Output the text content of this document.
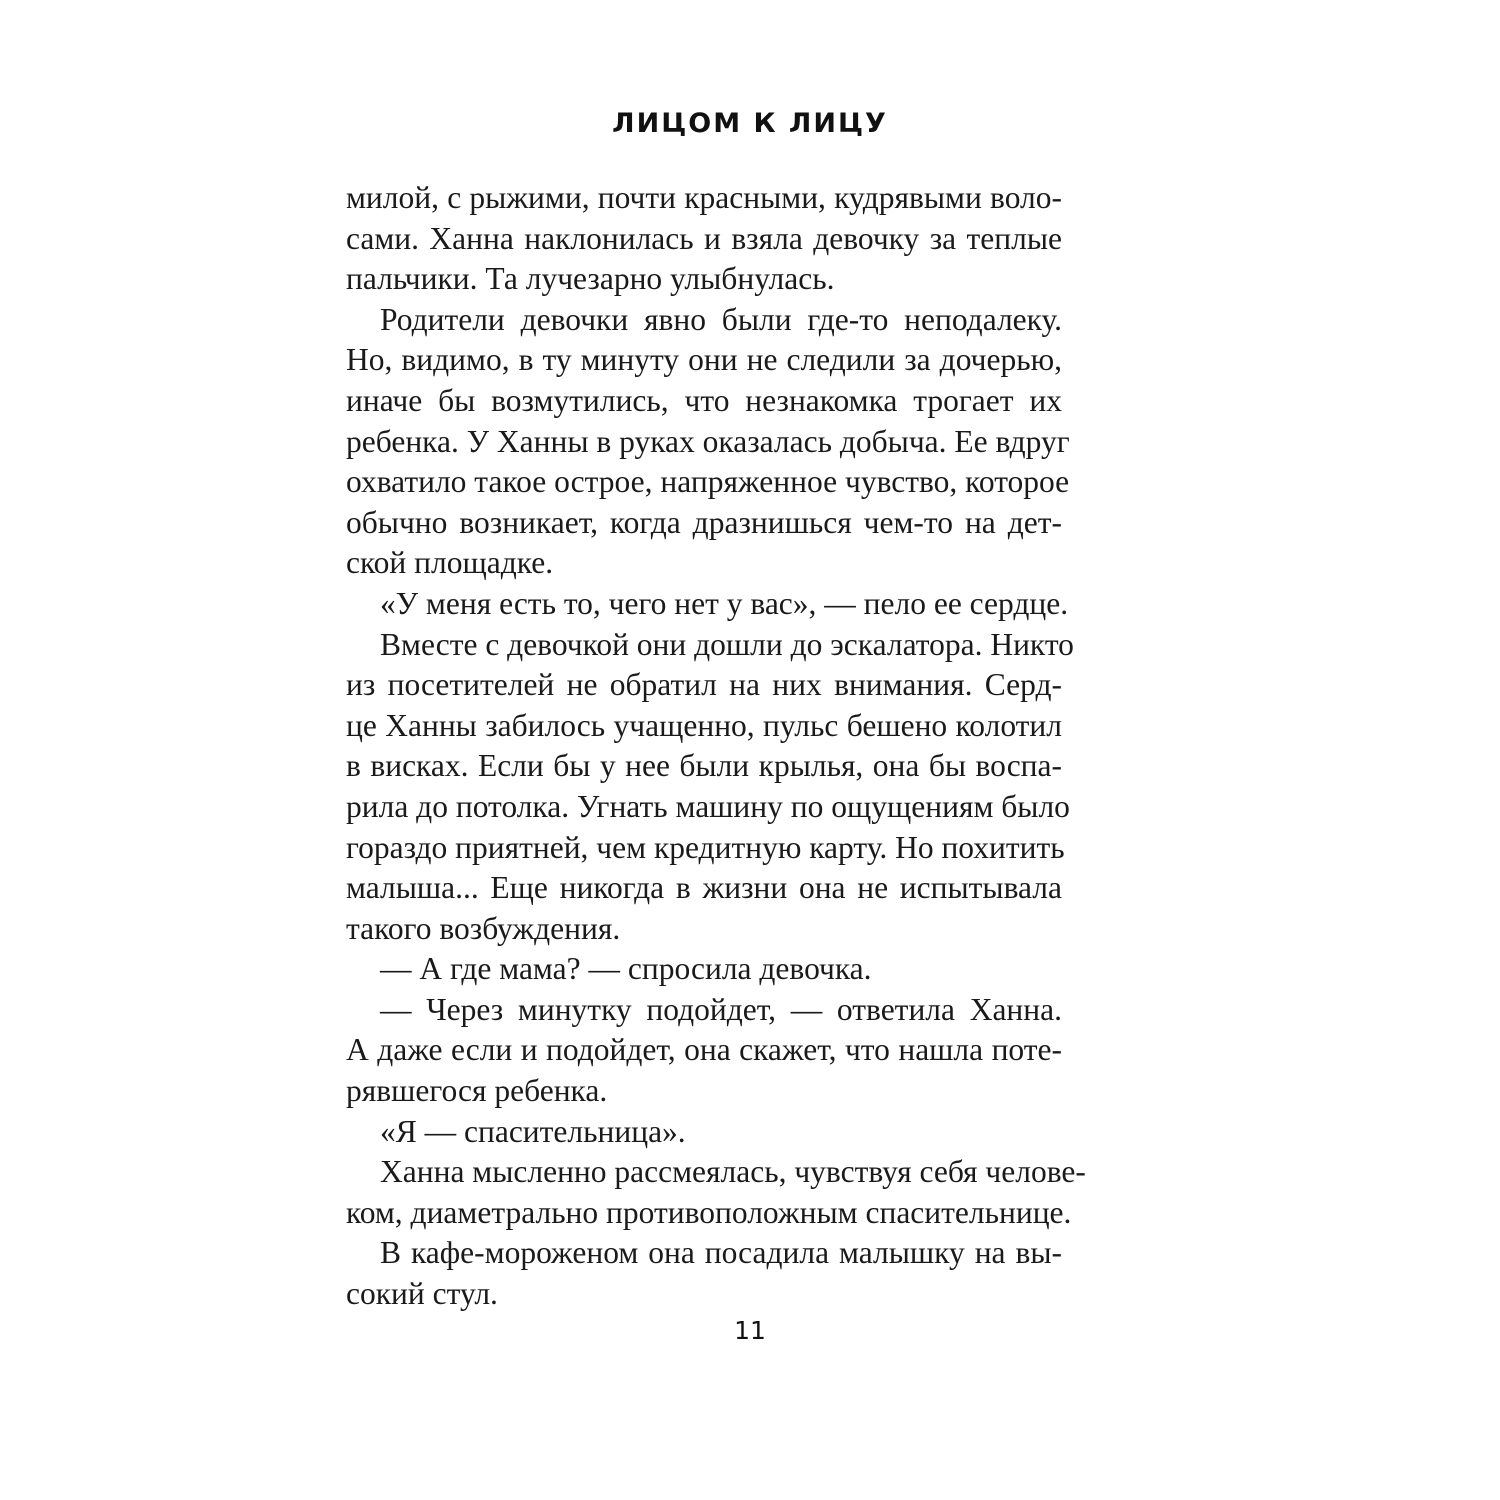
ЛИЦОМ К ЛИЦУ
милой, с рыжими, почти красными, кудрявыми воло-
сами. Ханна наклонилась и взяла девочку за теплые
пальчики. Та лучезарно улыбнулась.
Родители девочки явно были где-то неподалеку.
Но, видимо, в ту минуту они не следили за дочерью,
иначе бы возмутились, что незнакомка трогает их
ребенка. У Ханны в руках оказалась добыча. Ее вдруг
охватило такое острое, напряженное чувство, которое
обычно возникает, когда дразнишься чем-то на дет-
ской площадке.
«У меня есть то, чего нет у вас», — пело ее сердце.
Вместе с девочкой они дошли до эскалатора. Никто
из посетителей не обратил на них внимания. Серд-
це Ханны забилось учащенно, пульс бешено колотил
в висках. Если бы у нее были крылья, она бы воспа-
рила до потолка. Угнать машину по ощущениям было
гораздо приятней, чем кредитную карту. Но похитить
малыша... Еще никогда в жизни она не испытывала
такого возбуждения.
— А где мама? — спросила девочка.
— Через минутку подойдет, — ответила Ханна.
А даже если и подойдет, она скажет, что нашла поте-
рявшегося ребенка.
«Я — спасительница».
Ханна мысленно рассмеялась, чувствуя себя челове-
ком, диаметрально противоположным спасительнице.
В кафе-мороженом она посадила малышку на вы-
сокий стул.
11
